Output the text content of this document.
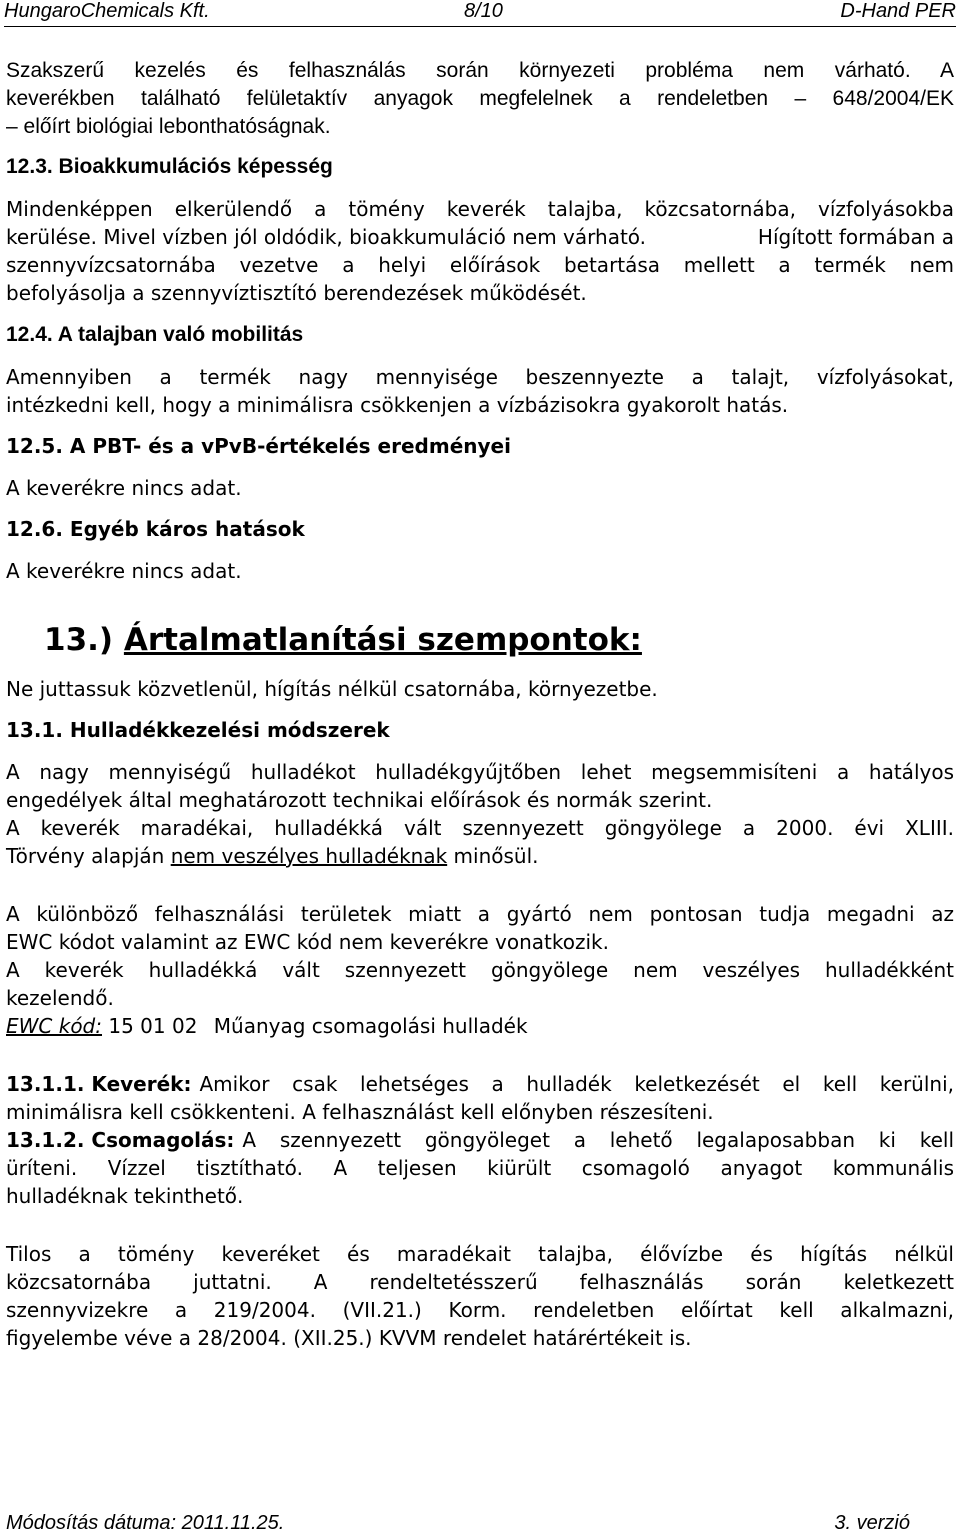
HungaroChemicals Kft.	8/10	D-Hand PER
Szakszerű kezelés és felhasználás során környezeti probléma nem várható. A
keverékben található felületaktív anyagok megfelelnek a rendeletben – 648/2004/EK
– előírt biológiai lebonthatóságnak.
12.3. Bioakkumulációs képesség
Mindenképpen elkerülendő a tömény keverék talajba, közcsatornába, vízfolyásokba
kerülése. Mivel vízben jól oldódik, bioakkumuláció nem várható.	Hígított formában a
szennyvízcsatornába vezetve a helyi előírások betartása mellett a termék nem
befolyásolja a szennyvíztisztító berendezések működését.
12.4. A talajban való mobilitás
Amennyiben a termék nagy mennyisége beszennyezte a talajt, vízfolyásokat,
intézkedni kell, hogy a minimálisra csökkenjen a vízbázisokra gyakorolt hatás.
12.5. A PBT- és a vPvB-értékelés eredményei
A keverékre nincs adat.
12.6. Egyéb káros hatások
A keverékre nincs adat.
13.) Ártalmatlanítási szempontok:
Ne juttassuk közvetlenül, hígítás nélkül csatornába, környezetbe.
13.1. Hulladékkezelési módszerek
A nagy mennyiségű hulladékot hulladékgyűjtőben lehet megsemmisíteni a hatályos
engedélyek által meghatározott technikai előírások és normák szerint.
A keverék maradékai, hulladékká vált szennyezett göngyölege a 2000. évi XLIII.
Törvény alapján nem veszélyes hulladéknak minősül.
A különböző felhasználási területek miatt a gyártó nem pontosan tudja megadni az
EWC kódot valamint az EWC kód nem keverékre vonatkozik.
A keverék hulladékká vált szennyezett göngyölege nem veszélyes hulladékként
kezelendő.
EWC kód: 15 01 02 Műanyag csomagolási hulladék
13.1.1. Keverék: Amikor csak lehetséges a hulladék keletkezését el kell kerülni,
minimálisra kell csökkenteni. A felhasználást kell előnyben részesíteni.
13.1.2. Csomagolás: A szennyezett göngyöleget a lehető legalaposabban ki kell
üríteni. Vízzel tisztítható. A teljesen kiürült csomagoló anyagot kommunális
hulladéknak tekinthető.
Tilos a tömény keveréket és maradékait talajba, élővízbe és hígítás nélkül
közcsatornába juttatni. A rendeltetésszerű felhasználás során keletkezett
szennyvizekre a 219/2004. (VII.21.) Korm. rendeletben előírtat kell alkalmazni,
figyelembe véve a 28/2004. (XII.25.) KVVM rendelet határértékeit is.
Módosítás dátuma: 2011.11.25.	3. verzió
